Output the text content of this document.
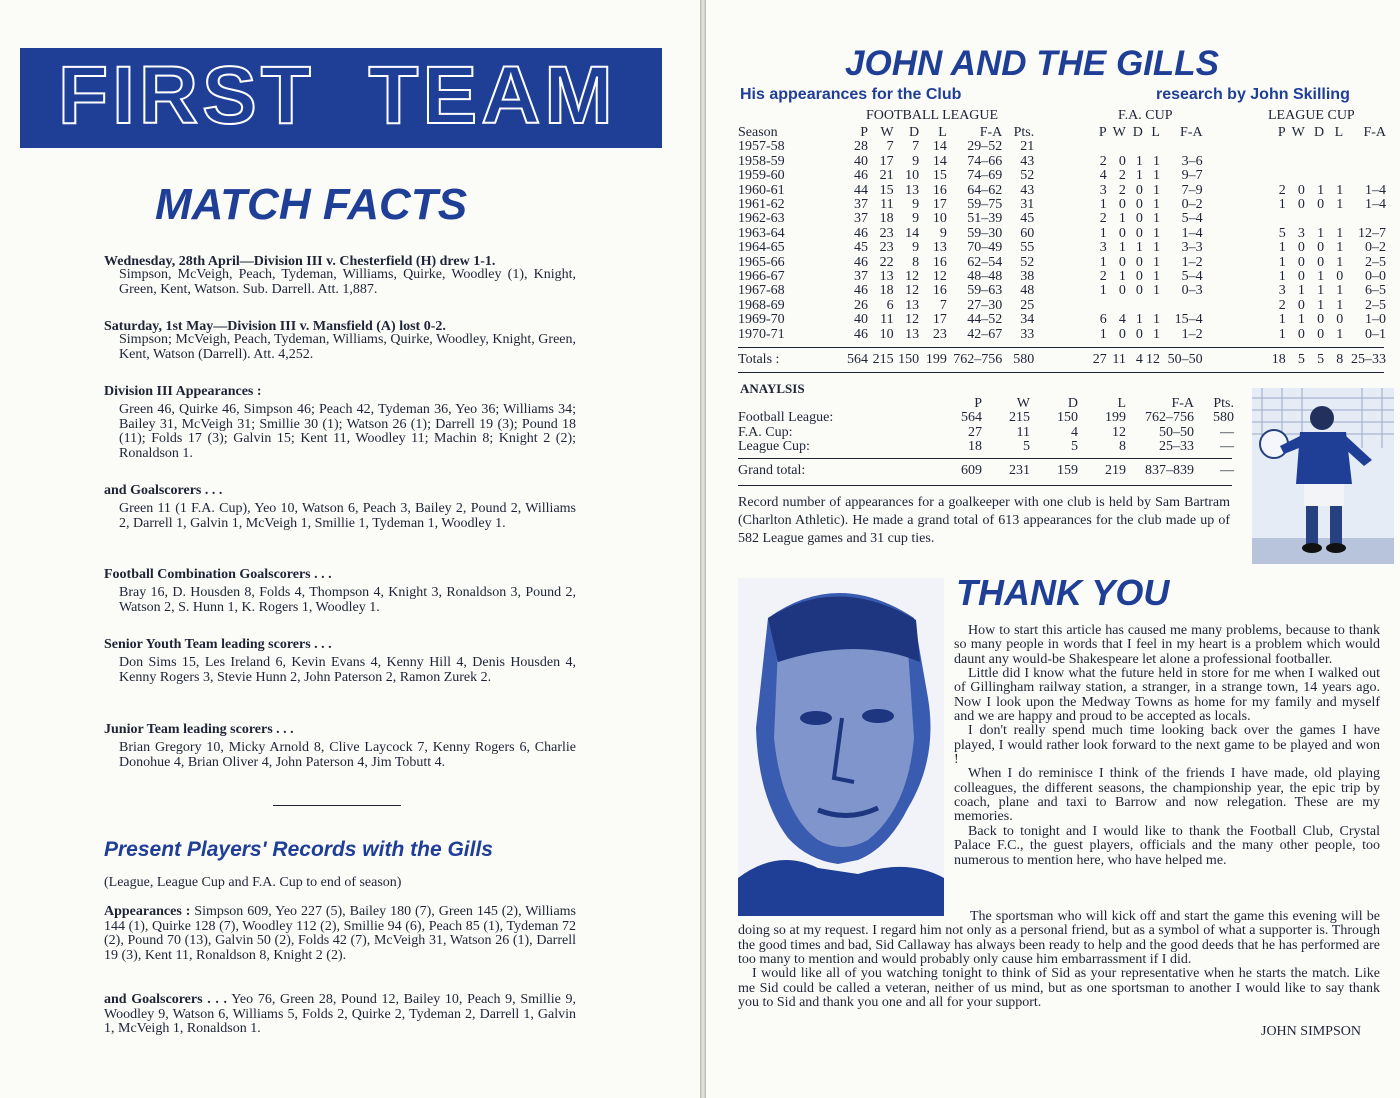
FIRST  TEAM
MATCH FACTS
Wednesday, 28th April—Division III v. Chesterfield (H) drew 1-1.
Simpson, McVeigh, Peach, Tydeman, Williams, Quirke, Woodley (1), Knight, Green, Kent, Watson. Sub. Darrell. Att. 1,887.
Saturday, 1st May—Division III v. Mansfield (A) lost 0-2.
Simpson; McVeigh, Peach, Tydeman, Williams, Quirke, Woodley, Knight, Green, Kent, Watson (Darrell). Att. 4,252.
Division III Appearances :
Green 46, Quirke 46, Simpson 46; Peach 42, Tydeman 36, Yeo 36; Williams 34; Bailey 31, McVeigh 31; Smillie 30 (1); Watson 26 (1); Darrell 19 (3); Pound 18 (11); Folds 17 (3); Galvin 15; Kent 11, Woodley 11; Machin 8; Knight 2 (2); Ronaldson 1.
and Goalscorers . . .
Green 11 (1 F.A. Cup), Yeo 10, Watson 6, Peach 3, Bailey 2, Pound 2, Williams 2, Darrell 1, Galvin 1, McVeigh 1, Smillie 1, Tydeman 1, Woodley 1.
Football Combination Goalscorers . . .
Bray 16, D. Housden 8, Folds 4, Thompson 4, Knight 3, Ronaldson 3, Pound 2, Watson 2, S. Hunn 1, K. Rogers 1, Woodley 1.
Senior Youth Team leading scorers . . .
Don Sims 15, Les Ireland 6, Kevin Evans 4, Kenny Hill 4, Denis Housden 4, Kenny Rogers 3, Stevie Hunn 2, John Paterson 2, Ramon Zurek 2.
Junior Team leading scorers . . .
Brian Gregory 10, Micky Arnold 8, Clive Laycock 7, Kenny Rogers 6, Charlie Donohue 4, Brian Oliver 4, John Paterson 4, Jim Tobutt 4.
Present Players' Records with the Gills
(League, League Cup and F.A. Cup to end of season)
Appearances : Simpson 609, Yeo 227 (5), Bailey 180 (7), Green 145 (2), Williams 144 (1), Quirke 128 (7), Woodley 112 (2), Smillie 94 (6), Peach 85 (1), Tydeman 72 (2), Pound 70 (13), Galvin 50 (2), Folds 42 (7), McVeigh 31, Watson 26 (1), Darrell 19 (3), Kent 11, Ronaldson 8, Knight 2 (2).
and Goalscorers . . . Yeo 76, Green 28, Pound 12, Bailey 10, Peach 9, Smillie 9, Woodley 9, Watson 6, Williams 5, Folds 2, Quirke 2, Tydeman 2, Darrell 1, Galvin 1, McVeigh 1, Ronaldson 1.
JOHN AND THE GILLS
His appearances for the Club	research by John Skilling
FOOTBALL LEAGUE	F.A. CUP	LEAGUE CUP
Season	P	W	D	L	F-A	Pts.	P	W	D	L	F-A	P	W	D	L	F-A
1957-58	28	7	7	14	29–52	21										
1958-59	40	17	9	14	74–66	43	2	0	1	1	3–6					
1959-60	46	21	10	15	74–69	52	4	2	1	1	9–7					
1960-61	44	15	13	16	64–62	43	3	2	0	1	7–9	2	0	1	1	1–4
1961-62	37	11	9	17	59–75	31	1	0	0	1	0–2	1	0	0	1	1–4
1962-63	37	18	9	10	51–39	45	2	1	0	1	5–4					
1963-64	46	23	14	9	59–30	60	1	0	0	1	1–4	5	3	1	1	12–7
1964-65	45	23	9	13	70–49	55	3	1	1	1	3–3	1	0	0	1	0–2
1965-66	46	22	8	16	62–54	52	1	0	0	1	1–2	1	0	0	1	2–5
1966-67	37	13	12	12	48–48	38	2	1	0	1	5–4	1	0	1	0	0–0
1967-68	46	18	12	16	59–63	48	1	0	0	1	0–3	3	1	1	1	6–5
1968-69	26	6	13	7	27–30	25						2	0	1	1	2–5
1969-70	40	11	12	17	44–52	34	6	4	1	1	15–4	1	1	0	0	1–0
1970-71	46	10	13	23	42–67	33	1	0	0	1	1–2	1	0	0	1	0–1
Totals :	564	215	150	199	762–756	580	27	11	4	12	50–50	18	5	5	8	25–33
ANAYLSIS
	P	W	D	L	F-A	Pts.
Football League:	564	215	150	199	762–756	580
F.A. Cup:	27	11	4	12	50–50	—
League Cup:	18	5	5	8	25–33	—
Grand total:	609	231	159	219	837–839	—
Record number of appearances for a goalkeeper with one club is held by Sam Bartram (Charlton Athletic). He made a grand total of 613 appearances for the club made up of 582 League games and 31 cup ties.
THANK YOU

How to start this article has caused me many problems, because to thank so many people in words that I feel in my heart is a problem which would daunt any would-be Shakespeare let alone a professional footballer.

Little did I know what the future held in store for me when I walked out of Gillingham railway station, a stranger, in a strange town, 14 years ago. Now I look upon the Medway Towns as home for my family and myself and we are happy and proud to be accepted as locals.

I don't really spend much time looking back over the games I have played, I would rather look forward to the next game to be played and won !

When I do reminisce I think of the friends I have made, old playing colleagues, the different seasons, the championship year, the epic trip by coach, plane and taxi to Barrow and now relegation. These are my memories.

Back to tonight and I would like to thank the Football Club, Crystal Palace F.C., the guest players, officials and the many other people, too numerous to mention here, who have helped me.

The sportsman who will kick off and start the game this evening will be doing so at my request. I regard him not only as a personal friend, but as a symbol of what a supporter is. Through the good times and bad, Sid Callaway has always been ready to help and the good deeds that he has performed are too many to mention and would probably only cause him embarrassment if I did.

I would like all of you watching tonight to think of Sid as your representative when he starts the match. Like me Sid could be called a veteran, neither of us mind, but as one sportsman to another I would like to say thank you to Sid and thank you one and all for your support.

JOHN SIMPSON
